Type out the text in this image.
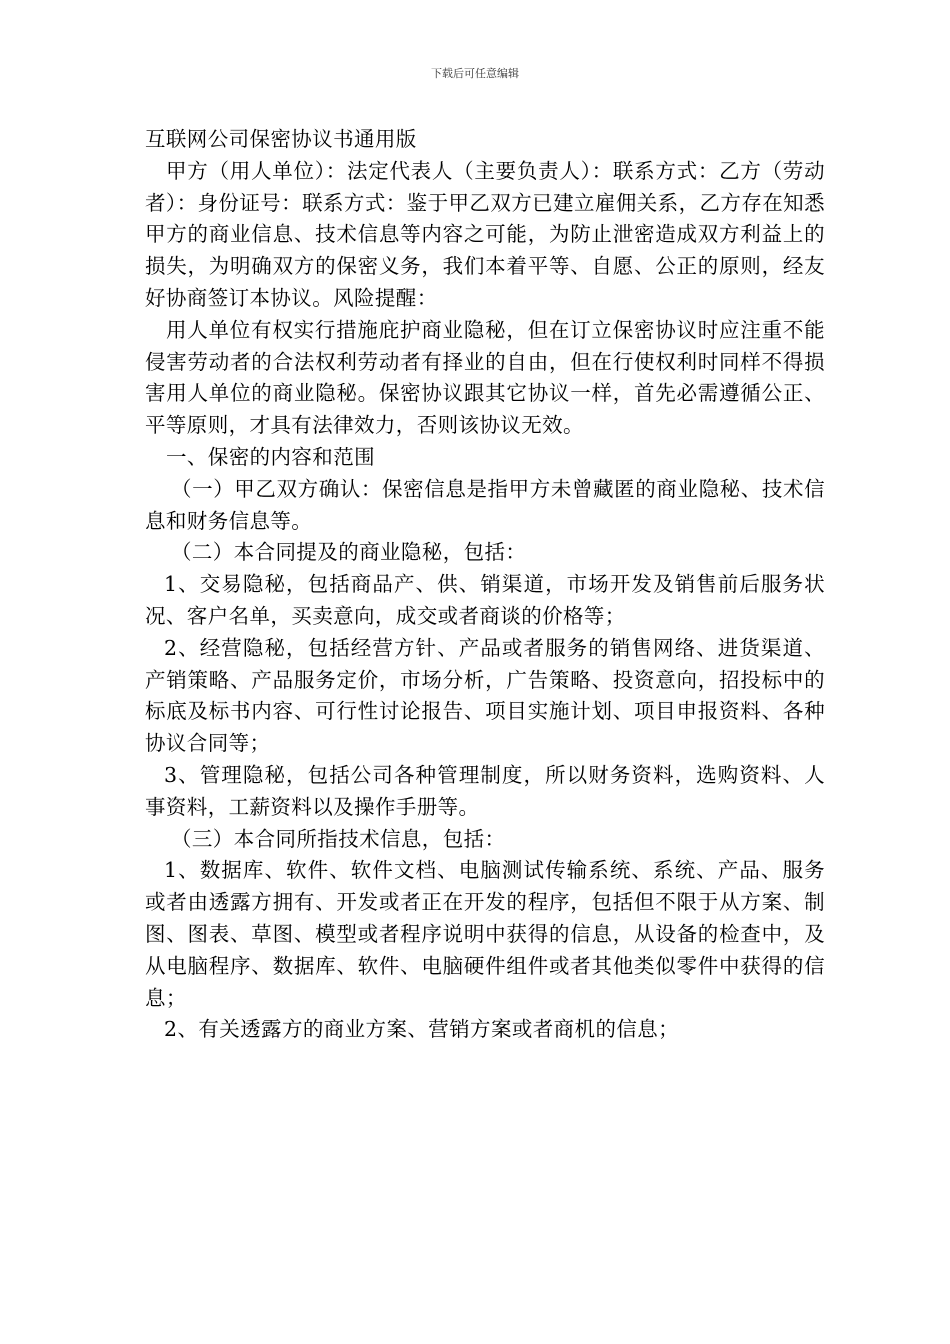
下载后可任意编辑
互联网公司保密协议书通用版

甲方（用人单位）：法定代表人（主要负责人）：联系方式：乙方（劳动者）：身份证号：联系方式：鉴于甲乙双方已建立雇佣关系，乙方存在知悉甲方的商业信息、技术信息等内容之可能，为防止泄密造成双方利益上的损失，为明确双方的保密义务，我们本着平等、自愿、公正的原则，经友好协商签订本协议。风险提醒：

用人单位有权实行措施庇护商业隐秘，但在订立保密协议时应注重不能侵害劳动者的合法权利劳动者有择业的自由，但在行使权利时同样不得损害用人单位的商业隐秘。保密协议跟其它协议一样，首先必需遵循公正、平等原则，才具有法律效力，否则该协议无效。

一、保密的内容和范围

（一）甲乙双方确认：保密信息是指甲方未曾藏匿的商业隐秘、技术信息和财务信息等。

（二）本合同提及的商业隐秘，包括：

1、交易隐秘，包括商品产、供、销渠道，市场开发及销售前后服务状况、客户名单，买卖意向，成交或者商谈的价格等；

2、经营隐秘，包括经营方针、产品或者服务的销售网络、进货渠道、产销策略、产品服务定价，市场分析，广告策略、投资意向，招投标中的标底及标书内容、可行性讨论报告、项目实施计划、项目申报资料、各种协议合同等；

3、管理隐秘，包括公司各种管理制度，所以财务资料，选购资料、人事资料，工薪资料以及操作手册等。

（三）本合同所指技术信息，包括：

1、数据库、软件、软件文档、电脑测试传输系统、系统、产品、服务或者由透露方拥有、开发或者正在开发的程序，包括但不限于从方案、制图、图表、草图、模型或者程序说明中获得的信息，从设备的检查中，及从电脑程序、数据库、软件、电脑硬件组件或者其他类似零件中获得的信息；

2、有关透露方的商业方案、营销方案或者商机的信息；
